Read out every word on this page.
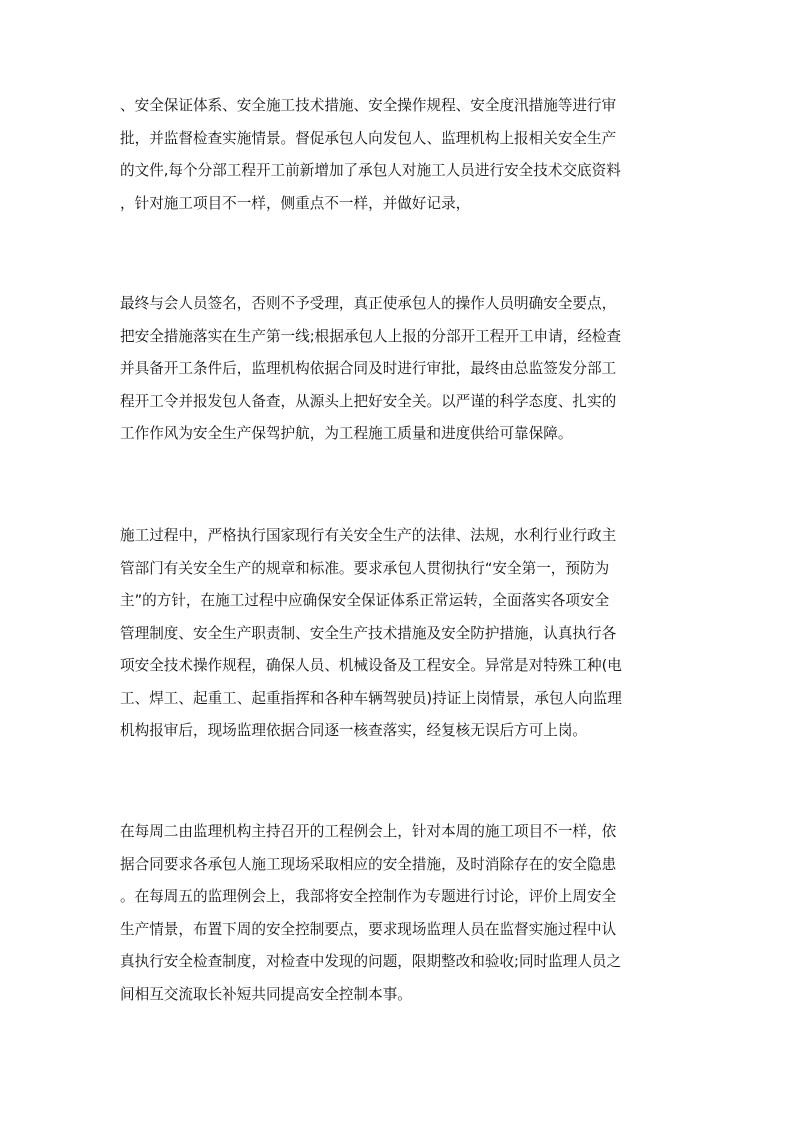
、安全保证体系、安全施工技术措施、安全操作规程、安全度汛措施等进行审
批，并监督检查实施情景。督促承包人向发包人、监理机构上报相关安全生产
的文件,每个分部工程开工前新增加了承包人对施工人员进行安全技术交底资料
，针对施工项目不一样，侧重点不一样，并做好记录，
最终与会人员签名，否则不予受理，真正使承包人的操作人员明确安全要点，
把安全措施落实在生产第一线;根据承包人上报的分部开工程开工申请，经检查
并具备开工条件后，监理机构依据合同及时进行审批，最终由总监签发分部工
程开工令并报发包人备查，从源头上把好安全关。以严谨的科学态度、扎实的
工作作风为安全生产保驾护航，为工程施工质量和进度供给可靠保障。
施工过程中，严格执行国家现行有关安全生产的法律、法规，水利行业行政主
管部门有关安全生产的规章和标准。要求承包人贯彻执行“安全第一，预防为
主”的方针，在施工过程中应确保安全保证体系正常运转，全面落实各项安全
管理制度、安全生产职责制、安全生产技术措施及安全防护措施，认真执行各
项安全技术操作规程，确保人员、机械设备及工程安全。异常是对特殊工种(电
工、焊工、起重工、起重指挥和各种车辆驾驶员)持证上岗情景，承包人向监理
机构报审后，现场监理依据合同逐一核查落实，经复核无误后方可上岗。
在每周二由监理机构主持召开的工程例会上，针对本周的施工项目不一样，依
据合同要求各承包人施工现场采取相应的安全措施，及时消除存在的安全隐患
。在每周五的监理例会上，我部将安全控制作为专题进行讨论，评价上周安全
生产情景，布置下周的安全控制要点，要求现场监理人员在监督实施过程中认
真执行安全检查制度，对检查中发现的问题，限期整改和验收;同时监理人员之
间相互交流取长补短共同提高安全控制本事。
